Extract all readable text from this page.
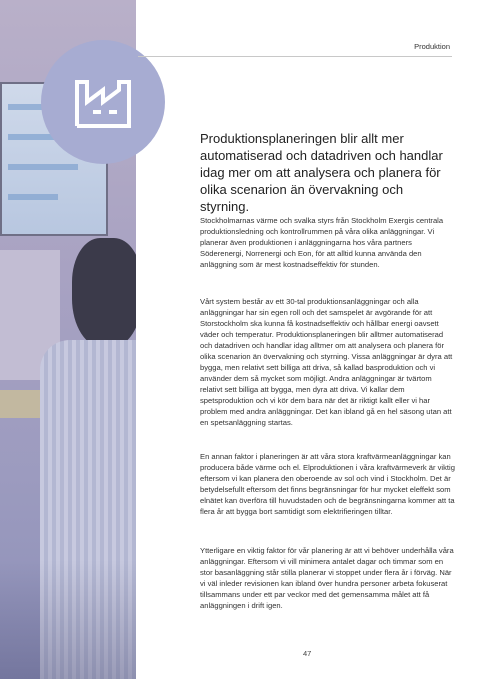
Produktion
Produktionsplaneringen blir allt mer automatiserad och datadriven och handlar idag mer om att analysera och planera för olika scenarion än övervakning och styrning.

Stockholmarnas värme och svalka styrs från Stockholm Exergis centrala produktionsledning och kontrollrummen på våra olika anläggningar. Vi planerar även produktionen i anläggningarna hos våra partners Söderenergi, Norrenergi och Eon, för att alltid kunna använda den anläggning som är mest kostnadseffektiv för stunden.

Vårt system består av ett 30-tal produktionsanläggningar och alla anläggningar har sin egen roll och det samspelet är avgörande för att Storstockholm ska kunna få kostnadseffektiv och hållbar energi oavsett väder och temperatur. Produktionsplaneringen blir alltmer automatiserad och datadriven och handlar idag alltmer om att analysera och planera för olika scenarion än övervakning och styrning. Vissa anläggningar är dyra att bygga, men relativt sett billiga att driva, så kallad basproduktion och vi använder dem så mycket som möjligt. Andra anläggningar är tvärtom relativt sett billiga att bygga, men dyra att driva. Vi kallar dem spetsproduktion och vi kör dem bara när det är riktigt kallt eller vi har problem med andra anläggningar. Det kan ibland gå en hel säsong utan att en spetsanläggning startas.

En annan faktor i planeringen är att våra stora kraftvärmeanläggningar kan producera både värme och el. Elproduktionen i våra kraftvärmeverk är viktig eftersom vi kan planera den oberoende av sol och vind i Stockholm. Det är betydelsefullt eftersom det finns begränsningar för hur mycket eleffekt som elnätet kan överföra till huvudstaden och de begränsningarna kommer att ta flera år att bygga bort samtidigt som elektrifieringen tilltar.

Ytterligare en viktig faktor för vår planering är att vi behöver underhålla våra anläggningar. Eftersom vi vill minimera antalet dagar och timmar som en stor basanläggning står stilla planerar vi stoppet under flera år i förväg. När vi väl inleder revisionen kan ibland över hundra personer arbeta fokuserat tillsammans under ett par veckor med det gemensamma målet att få anläggningen i drift igen.

47
